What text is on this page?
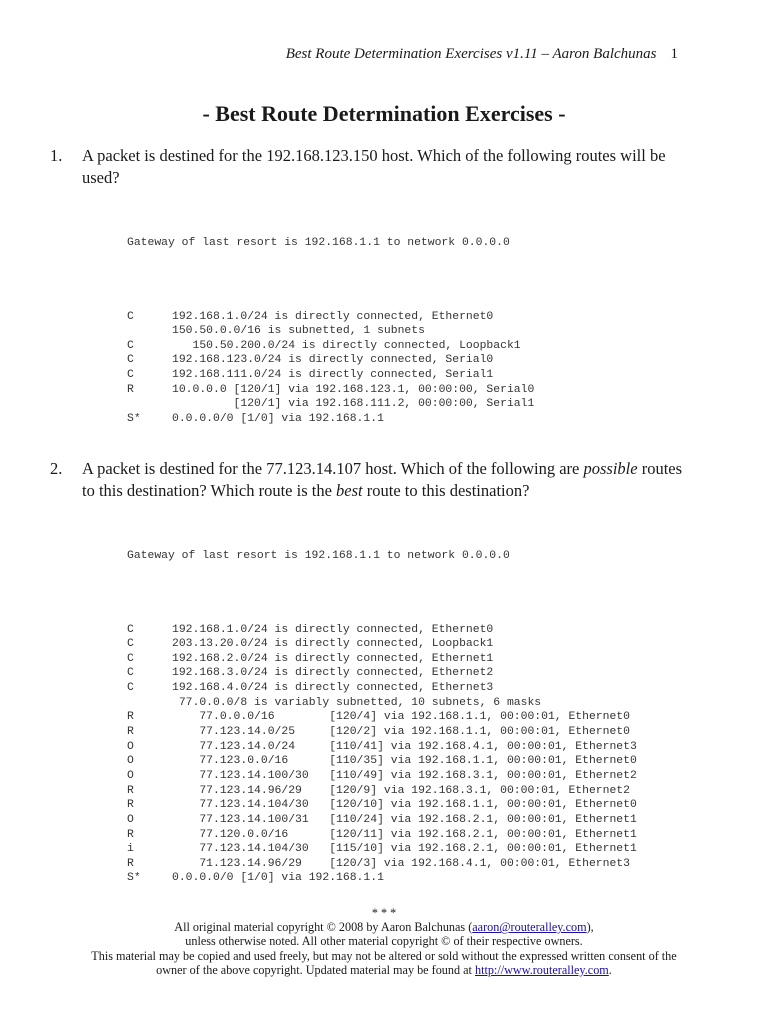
Best Route Determination Exercises v1.11 – Aaron Balchunas 1
- Best Route Determination Exercises -
1. A packet is destined for the 192.168.123.150 host. Which of the following routes will be
used?

Gateway of last resort is 192.168.1.1 to network 0.0.0.0

C	192.168.1.0/24 is directly connected, Ethernet0
150.50.0.0/16 is subnetted, 1 subnets
C	150.50.200.0/24 is directly connected, Loopback1
C	192.168.123.0/24 is directly connected, Serial0
C	192.168.111.0/24 is directly connected, Serial1
R	10.0.0.0 [120/1] via 192.168.123.1, 00:00:00, Serial0
[120/1] via 192.168.111.2, 00:00:00, Serial1
S*	0.0.0.0/0 [1/0] via 192.168.1.1
2. A packet is destined for the 77.123.14.107 host. Which of the following are possible routes
to this destination? Which route is the best route to this destination?

Gateway of last resort is 192.168.1.1 to network 0.0.0.0

C	192.168.1.0/24 is directly connected, Ethernet0
C	203.13.20.0/24 is directly connected, Loopback1
C	192.168.2.0/24 is directly connected, Ethernet1
C	192.168.3.0/24 is directly connected, Ethernet2
C	192.168.4.0/24 is directly connected, Ethernet3
77.0.0.0/8 is variably subnetted, 10 subnets, 6 masks
R	77.0.0.0/16        [120/4] via 192.168.1.1, 00:00:01, Ethernet0
R	77.123.14.0/25     [120/2] via 192.168.1.1, 00:00:01, Ethernet0
O	77.123.14.0/24     [110/41] via 192.168.4.1, 00:00:01, Ethernet3
O	77.123.0.0/16      [110/35] via 192.168.1.1, 00:00:01, Ethernet0
O	77.123.14.100/30   [110/49] via 192.168.3.1, 00:00:01, Ethernet2
R	77.123.14.96/29    [120/9] via 192.168.3.1, 00:00:01, Ethernet2
R	77.123.14.104/30   [120/10] via 192.168.1.1, 00:00:01, Ethernet0
O	77.123.14.100/31   [110/24] via 192.168.2.1, 00:00:01, Ethernet1
R	77.120.0.0/16      [120/11] via 192.168.2.1, 00:00:01, Ethernet1
i	77.123.14.104/30   [115/10] via 192.168.2.1, 00:00:01, Ethernet1
R	71.123.14.96/29    [120/3] via 192.168.4.1, 00:00:01, Ethernet3
S*	0.0.0.0/0 [1/0] via 192.168.1.1
* * *
All original material copyright © 2008 by Aaron Balchunas (aaron@routeralley.com),
unless otherwise noted. All other material copyright © of their respective owners.
This material may be copied and used freely, but may not be altered or sold without the expressed written consent of the
owner of the above copyright. Updated material may be found at http://www.routeralley.com.
